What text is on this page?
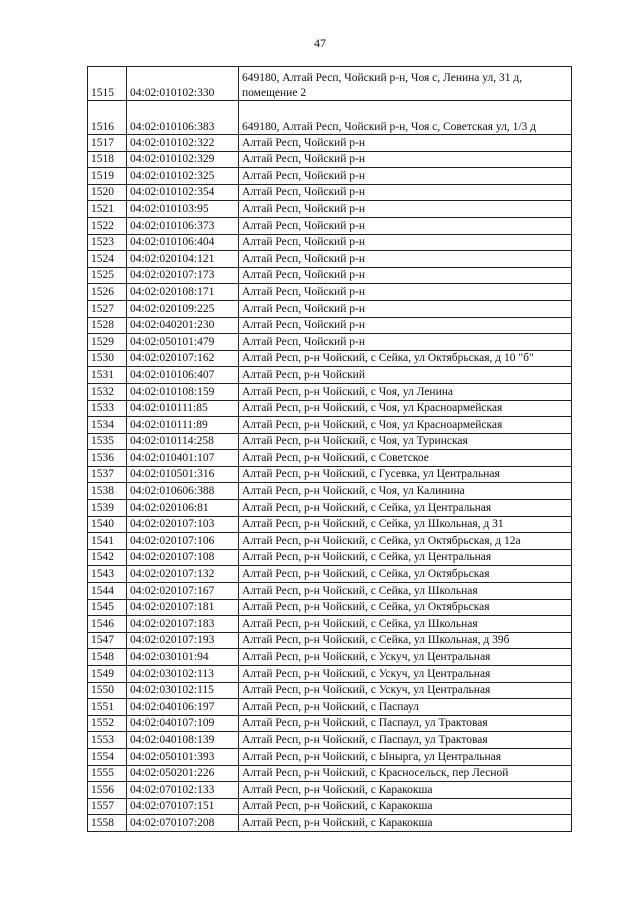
47
1515	04:02:010102:330	649180, Алтай Респ, Чойский р-н, Чоя с, Ленина ул, 31 д, помещение 2
1516	04:02:010106:383	649180, Алтай Респ, Чойский р-н, Чоя с, Советская ул, 1/3 д
1517	04:02:010102:322	Алтай Респ, Чойский р-н
1518	04:02:010102:329	Алтай Респ, Чойский р-н
1519	04:02:010102:325	Алтай Респ, Чойский р-н
1520	04:02:010102:354	Алтай Респ, Чойский р-н
1521	04:02:010103:95	Алтай Респ, Чойский р-н
1522	04:02:010106:373	Алтай Респ, Чойский р-н
1523	04:02:010106:404	Алтай Респ, Чойский р-н
1524	04:02:020104:121	Алтай Респ, Чойский р-н
1525	04:02:020107:173	Алтай Респ, Чойский р-н
1526	04:02:020108:171	Алтай Респ, Чойский р-н
1527	04:02:020109:225	Алтай Респ, Чойский р-н
1528	04:02:040201:230	Алтай Респ, Чойский р-н
1529	04:02:050101:479	Алтай Респ, Чойский р-н
1530	04:02:020107:162	Алтай Респ, р-н Чойский, с Сейка, ул Октябрьская, д 10 "б"
1531	04:02:010106:407	Алтай Респ, р-н Чойский
1532	04:02:010108:159	Алтай Респ, р-н Чойский, с Чоя, ул Ленина
1533	04:02:010111:85	Алтай Респ, р-н Чойский, с Чоя, ул Красноармейская
1534	04:02:010111:89	Алтай Респ, р-н Чойский, с Чоя, ул Красноармейская
1535	04:02:010114:258	Алтай Респ, р-н Чойский, с Чоя, ул Туринская
1536	04:02:010401:107	Алтай Респ, р-н Чойский, с Советское
1537	04:02:010501:316	Алтай Респ, р-н Чойский, с Гусевка, ул Центральная
1538	04:02:010606:388	Алтай Респ, р-н Чойский, с Чоя, ул Калинина
1539	04:02:020106:81	Алтай Респ, р-н Чойский, с Сейка, ул Центральная
1540	04:02:020107:103	Алтай Респ, р-н Чойский, с Сейка, ул Школьная, д 31
1541	04:02:020107:106	Алтай Респ, р-н Чойский, с Сейка, ул Октябрьская, д 12а
1542	04:02:020107:108	Алтай Респ, р-н Чойский, с Сейка, ул Центральная
1543	04:02:020107:132	Алтай Респ, р-н Чойский, с Сейка, ул Октябрьская
1544	04:02:020107:167	Алтай Респ, р-н Чойский, с Сейка, ул Школьная
1545	04:02:020107:181	Алтай Респ, р-н Чойский, с Сейка, ул Октябрьская
1546	04:02:020107:183	Алтай Респ, р-н Чойский, с Сейка, ул Школьная
1547	04:02:020107:193	Алтай Респ, р-н Чойский, с Сейка, ул Школьная, д 39б
1548	04:02:030101:94	Алтай Респ, р-н Чойский, с Ускуч, ул Центральная
1549	04:02:030102:113	Алтай Респ, р-н Чойский, с Ускуч, ул Центральная
1550	04:02:030102:115	Алтай Респ, р-н Чойский, с Ускуч, ул Центральная
1551	04:02:040106:197	Алтай Респ, р-н Чойский, с Паспаул
1552	04:02:040107:109	Алтай Респ, р-н Чойский, с Паспаул, ул Трактовая
1553	04:02:040108:139	Алтай Респ, р-н Чойский, с Паспаул, ул Трактовая
1554	04:02:050101:393	Алтай Респ, р-н Чойский, с Ынырга, ул Центральная
1555	04:02:050201:226	Алтай Респ, р-н Чойский, с Красносельск, пер Лесной
1556	04:02:070102:133	Алтай Респ, р-н Чойский, с Каракокша
1557	04:02:070107:151	Алтай Респ, р-н Чойский, с Каракокша
1558	04:02:070107:208	Алтай Респ, р-н Чойский, с Каракокша
